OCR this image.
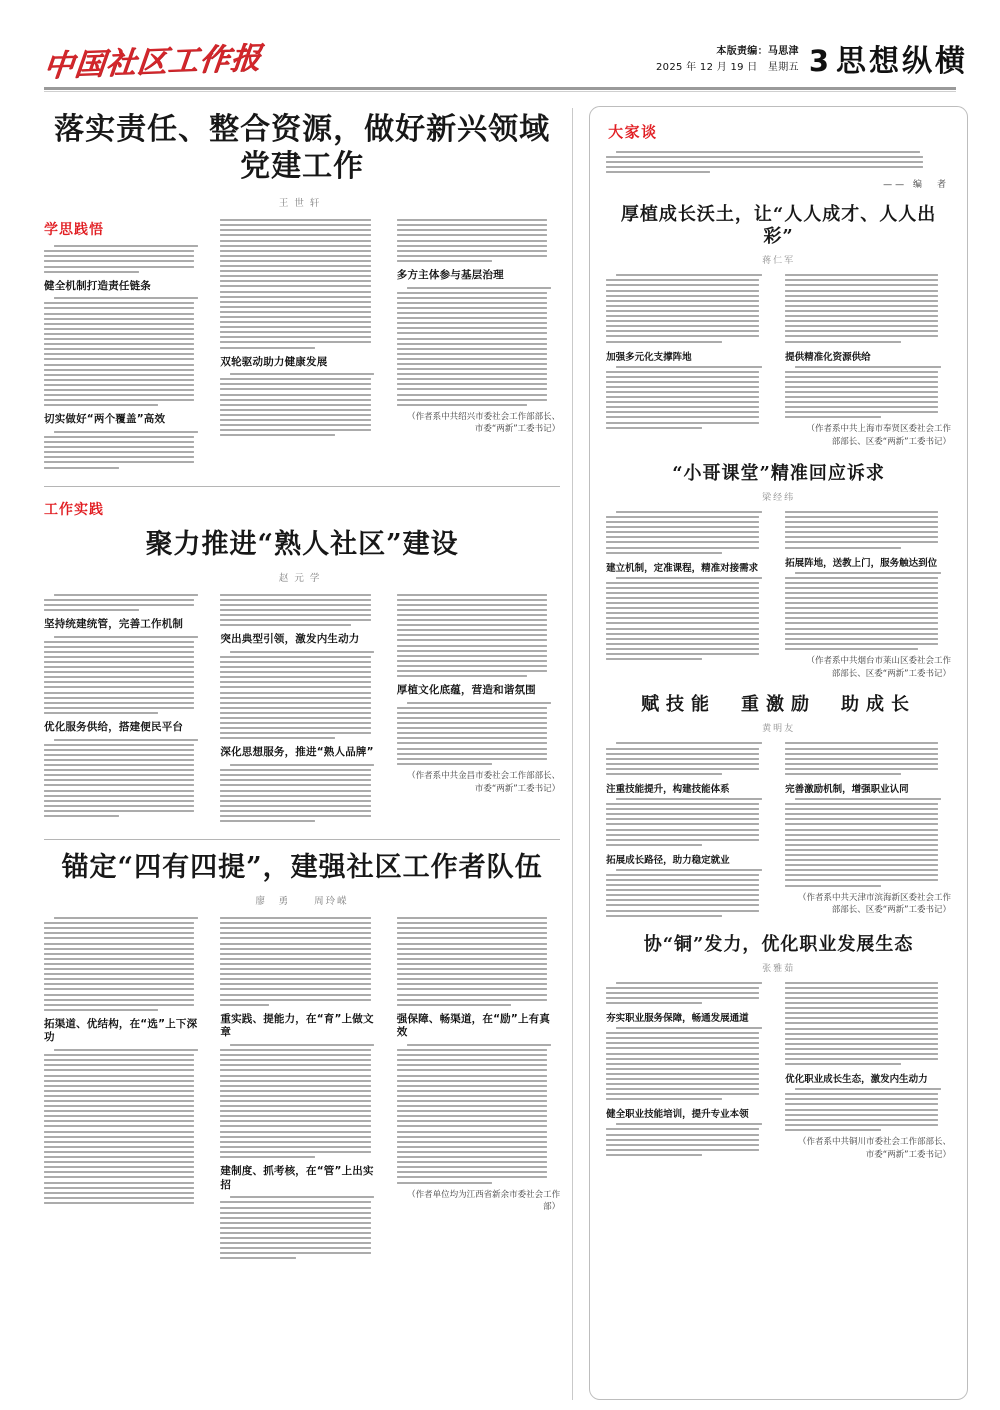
中国社区工作报	本版责编：马思津
2025 年 12 月 19 日　星期五 3 思想纵横
落实责任、整合资源，做好新兴领域党建工作
王世轩
学思践悟
健全机制打造责任链条
切实做好“两个覆盖”高效
双轮驱动助力健康发展
多方主体参与基层治理
（作者系中共绍兴市委社会工作部部长、
市委“两新”工委书记）
工作实践
聚力推进“熟人社区”建设
赵元学
坚持统建统管，完善工作机制
优化服务供给，搭建便民平台
突出典型引领，激发内生动力
深化思想服务，推进“熟人品牌”
厚植文化底蕴，营造和谐氛围
（作者系中共金昌市委社会工作部部长、
市委“两新”工委书记）
锚定“四有四提”，建强社区工作者队伍
廖　勇	周玲嵘
拓渠道、优结构，在“选”上下深功
重实践、提能力，在“育”上做文章
建制度、抓考核，在“管”上出实招
强保障、畅渠道，在“励”上有真效
（作者单位均为江西省新余市委社会工作部）
大家谈
—— 编　者
厚植成长沃土，让“人人成才、人人出彩”
蒋仁军
加强多元化支撑阵地	提供精准化资源供给
（作者系中共上海市奉贤区委社会工作
部部长、区委“两新”工委书记）
“小哥课堂”精准回应诉求
梁经纬
建立机制，定准课程，精准对接需求	拓展阵地，送教上门，服务触达到位
（作者系中共烟台市莱山区委社会工作
部部长、区委“两新”工委书记）
赋技能　重激励　助成长
黄明友
注重技能提升，构建技能体系
拓展成长路径，助力稳定就业
完善激励机制，增强职业认同
（作者系中共天津市滨海新区委社会工作
部部长、区委“两新”工委书记）
协“铜”发力，优化职业发展生态
张雅茹
夯实职业服务保障，畅通发展通道
健全职业技能培训，提升专业本领
优化职业成长生态，激发内生动力
（作者系中共铜川市委社会工作部部长、
市委“两新”工委书记）
